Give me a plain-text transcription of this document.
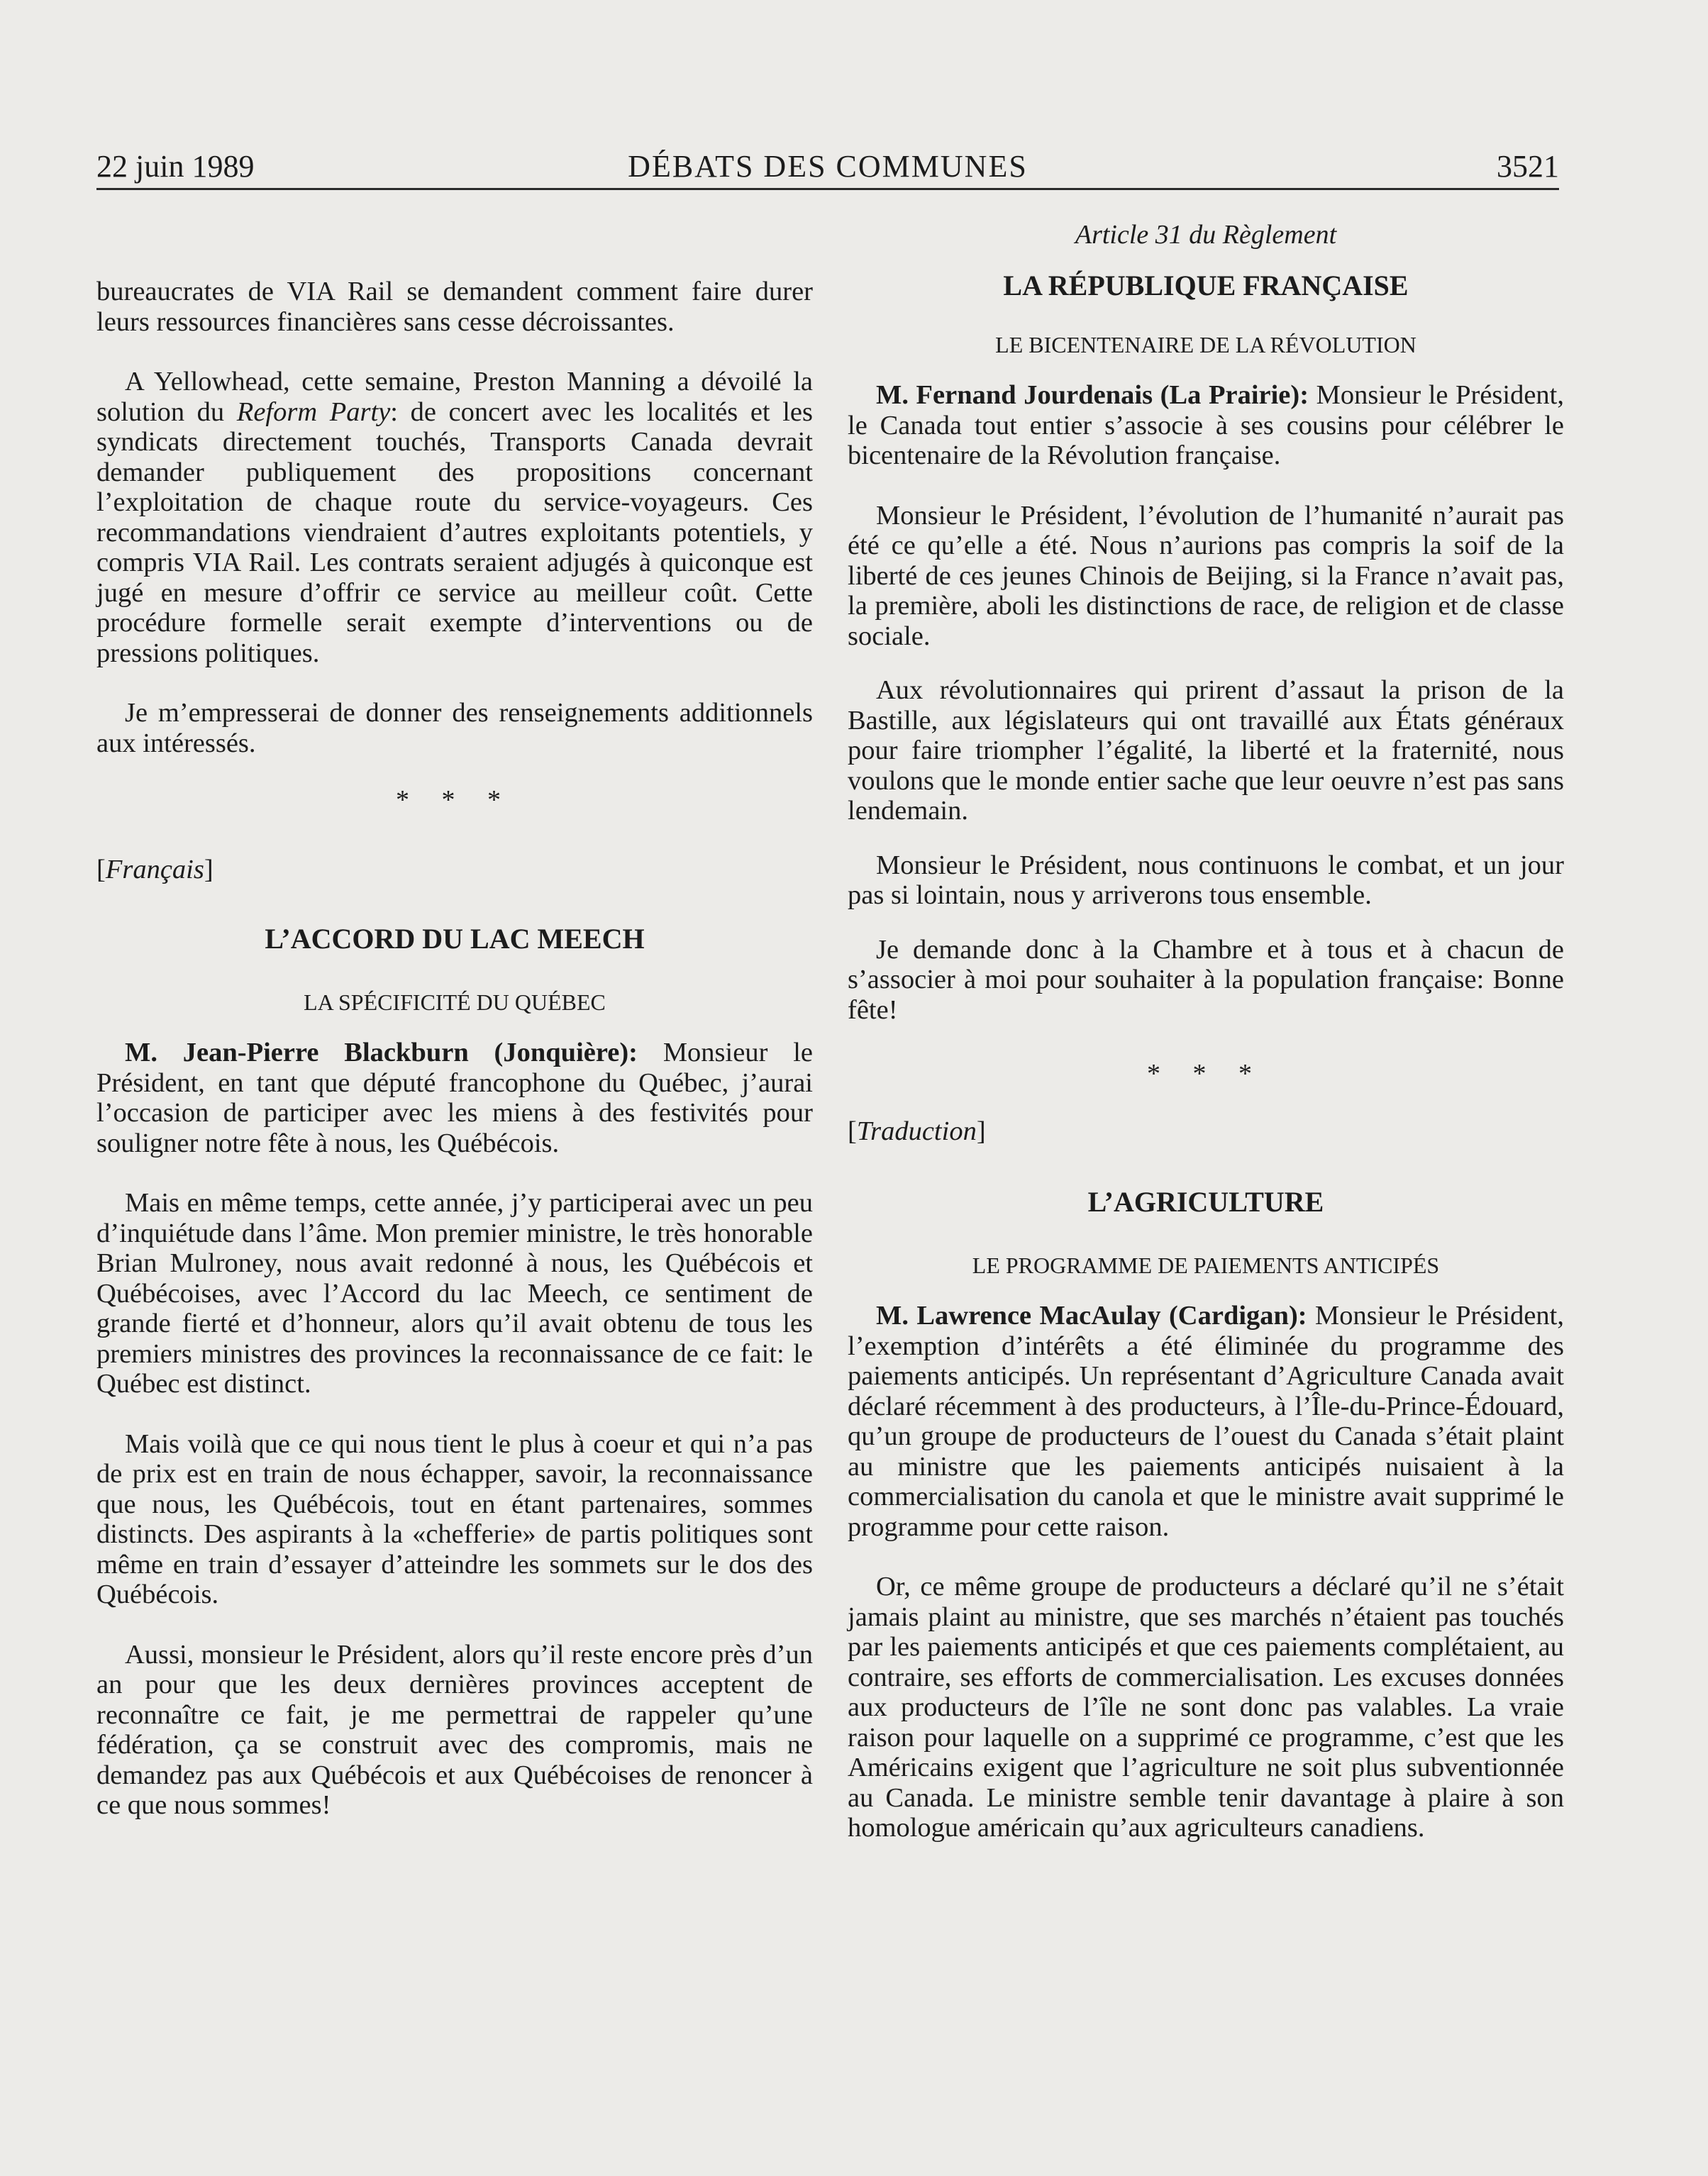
22 juin 1989	DÉBATS DES COMMUNES	3521

bureaucrates de VIA Rail se demandent comment faire durer leurs ressources financières sans cesse décroissantes.

A Yellowhead, cette semaine, Preston Manning a dévoilé la solution du Reform Party: de concert avec les localités et les syndicats directement touchés, Transports Canada devrait demander publiquement des propositions concernant l’exploitation de chaque route du service-voyageurs. Ces recommandations viendraient d’autres exploitants potentiels, y compris VIA Rail. Les contrats seraient adjugés à quiconque est jugé en mesure d’offrir ce service au meilleur coût. Cette procédure formelle serait exempte d’interventions ou de pressions politiques.

Je m’empresserai de donner des renseignements additionnels aux intéressés.

* * *

[Français]

L’ACCORD DU LAC MEECH

LA SPÉCIFICITÉ DU QUÉBEC

M. Jean-Pierre Blackburn (Jonquière): Monsieur le Président, en tant que député francophone du Québec, j’aurai l’occasion de participer avec les miens à des festivités pour souligner notre fête à nous, les Québécois.

Mais en même temps, cette année, j’y participerai avec un peu d’inquiétude dans l’âme. Mon premier ministre, le très honorable Brian Mulroney, nous avait redonné à nous, les Québécois et Québécoises, avec l’Accord du lac Meech, ce sentiment de grande fierté et d’honneur, alors qu’il avait obtenu de tous les premiers ministres des provinces la reconnaissance de ce fait: le Québec est distinct.

Mais voilà que ce qui nous tient le plus à coeur et qui n’a pas de prix est en train de nous échapper, savoir, la reconnaissance que nous, les Québécois, tout en étant partenaires, sommes distincts. Des aspirants à la «chefferie» de partis politiques sont même en train d’essayer d’atteindre les sommets sur le dos des Québécois.

Aussi, monsieur le Président, alors qu’il reste encore près d’un an pour que les deux dernières provinces acceptent de reconnaître ce fait, je me permettrai de rappeler qu’une fédération, ça se construit avec des compromis, mais ne demandez pas aux Québécois et aux Québécoises de renoncer à ce que nous sommes!

Article 31 du Règlement

LA RÉPUBLIQUE FRANÇAISE

LE BICENTENAIRE DE LA RÉVOLUTION

M. Fernand Jourdenais (La Prairie): Monsieur le Président, le Canada tout entier s’associe à ses cousins pour célébrer le bicentenaire de la Révolution française.

Monsieur le Président, l’évolution de l’humanité n’aurait pas été ce qu’elle a été. Nous n’aurions pas compris la soif de la liberté de ces jeunes Chinois de Beijing, si la France n’avait pas, la première, aboli les distinctions de race, de religion et de classe sociale.

Aux révolutionnaires qui prirent d’assaut la prison de la Bastille, aux législateurs qui ont travaillé aux États généraux pour faire triompher l’égalité, la liberté et la fraternité, nous voulons que le monde entier sache que leur oeuvre n’est pas sans lendemain.

Monsieur le Président, nous continuons le combat, et un jour pas si lointain, nous y arriverons tous ensemble.

Je demande donc à la Chambre et à tous et à chacun de s’associer à moi pour souhaiter à la population française: Bonne fête!

* * *

[Traduction]

L’AGRICULTURE

LE PROGRAMME DE PAIEMENTS ANTICIPÉS

M. Lawrence MacAulay (Cardigan): Monsieur le Président, l’exemption d’intérêts a été éliminée du programme des paiements anticipés. Un représentant d’Agriculture Canada avait déclaré récemment à des producteurs, à l’Île-du-Prince-Édouard, qu’un groupe de producteurs de l’ouest du Canada s’était plaint au ministre que les paiements anticipés nuisaient à la commercialisation du canola et que le ministre avait supprimé le programme pour cette raison.

Or, ce même groupe de producteurs a déclaré qu’il ne s’était jamais plaint au ministre, que ses marchés n’étaient pas touchés par les paiements anticipés et que ces paiements complétaient, au contraire, ses efforts de commercialisation. Les excuses données aux producteurs de l’île ne sont donc pas valables. La vraie raison pour laquelle on a supprimé ce programme, c’est que les Américains exigent que l’agriculture ne soit plus subventionnée au Canada. Le ministre semble tenir davantage à plaire à son homologue américain qu’aux agriculteurs canadiens.
